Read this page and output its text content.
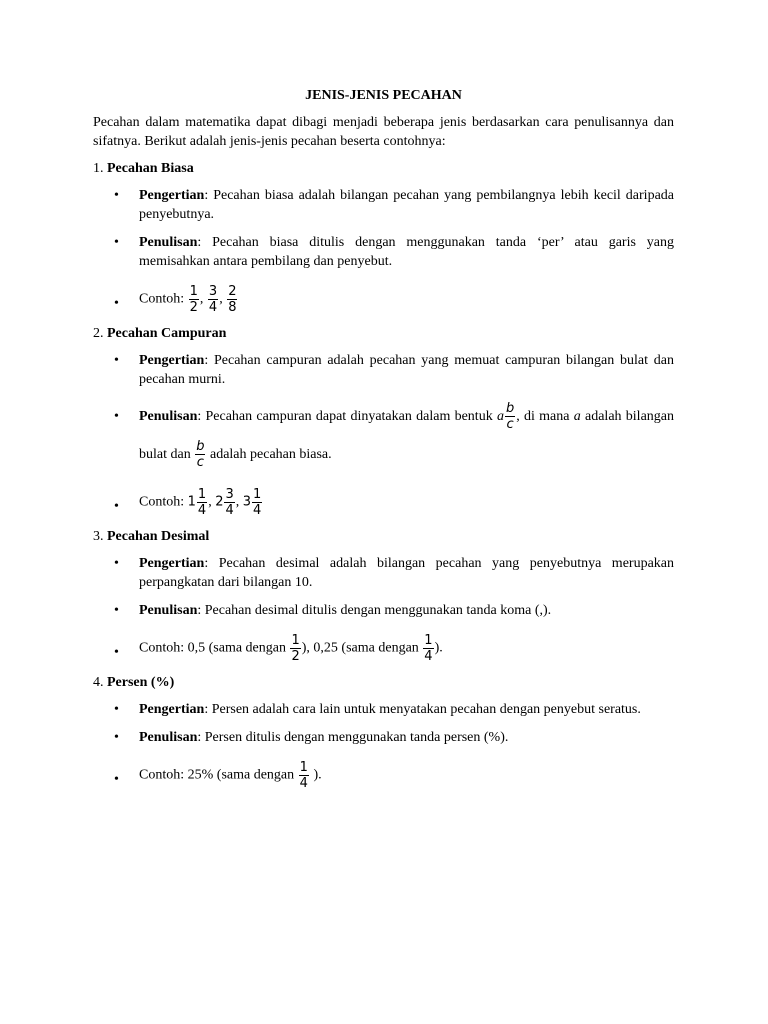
JENIS-JENIS PECAHAN
Pecahan dalam matematika dapat dibagi menjadi beberapa jenis berdasarkan cara penulisannya dan sifatnya. Berikut adalah jenis-jenis pecahan beserta contohnya:
1. Pecahan Biasa
• Pengertian: Pecahan biasa adalah bilangan pecahan yang pembilangnya lebih kecil daripada penyebutnya.
• Penulisan: Pecahan biasa ditulis dengan menggunakan tanda ‘per’ atau garis yang memisahkan antara pembilang dan penyebut.
• Contoh: $\frac{1}{2}$ , $\frac{3}{4}$ , $\frac{2}{8}$
2. Pecahan Campuran
• Pengertian: Pecahan campuran adalah pecahan yang memuat campuran bilangan bulat dan pecahan murni.
• Penulisan: Pecahan campuran dapat dinyatakan dalam bentuk a $\frac{b}{c}$ , di mana a adalah bilangan bulat dan $\frac{b}{c}$ adalah pecahan biasa.
• Contoh: $1 \frac{1}{4}$ , $2 \frac{3}{4}$ , $3 \frac{1}{4}$
3. Pecahan Desimal
• Pengertian: Pecahan desimal adalah bilangan pecahan yang penyebutnya merupakan perpangkatan dari bilangan 10.
• Penulisan: Pecahan desimal ditulis dengan menggunakan tanda koma (,).
• Contoh: 0,5 (sama dengan $\frac{1}{2}$ ), 0,25 (sama dengan $\frac{1}{4}$ ).
4. Persen (%)
• Pengertian: Persen adalah cara lain untuk menyatakan pecahan dengan penyebut seratus.
• Penulisan: Persen ditulis dengan menggunakan tanda persen (%).
• Contoh: 25% (sama dengan $\frac{1}{4}$ ).
